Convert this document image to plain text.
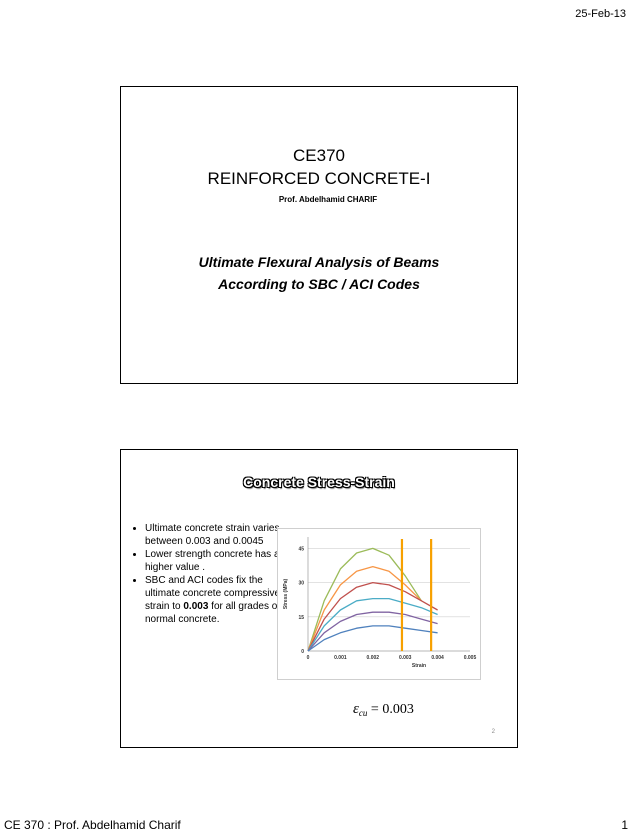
25-Feb-13
CE370
REINFORCED CONCRETE-I
Prof. Abdelhamid CHARIF
Ultimate Flexural Analysis of Beams
According to SBC / ACI Codes
Concrete Stress-Strain
• Ultimate concrete strain varies between 0.003 and 0.0045
• Lower strength concrete has a higher value .
• SBC and ACI codes fix the ultimate concrete compressive strain to 0.003 for all grades of normal concrete.
0
15
30
45
0	0.001	0.002	0.003	0.004	0.005
Strain
Stress (MPa)
$\varepsilon_{cu} = 0.003$
2
CE 370 : Prof. Abdelhamid Charif	1
